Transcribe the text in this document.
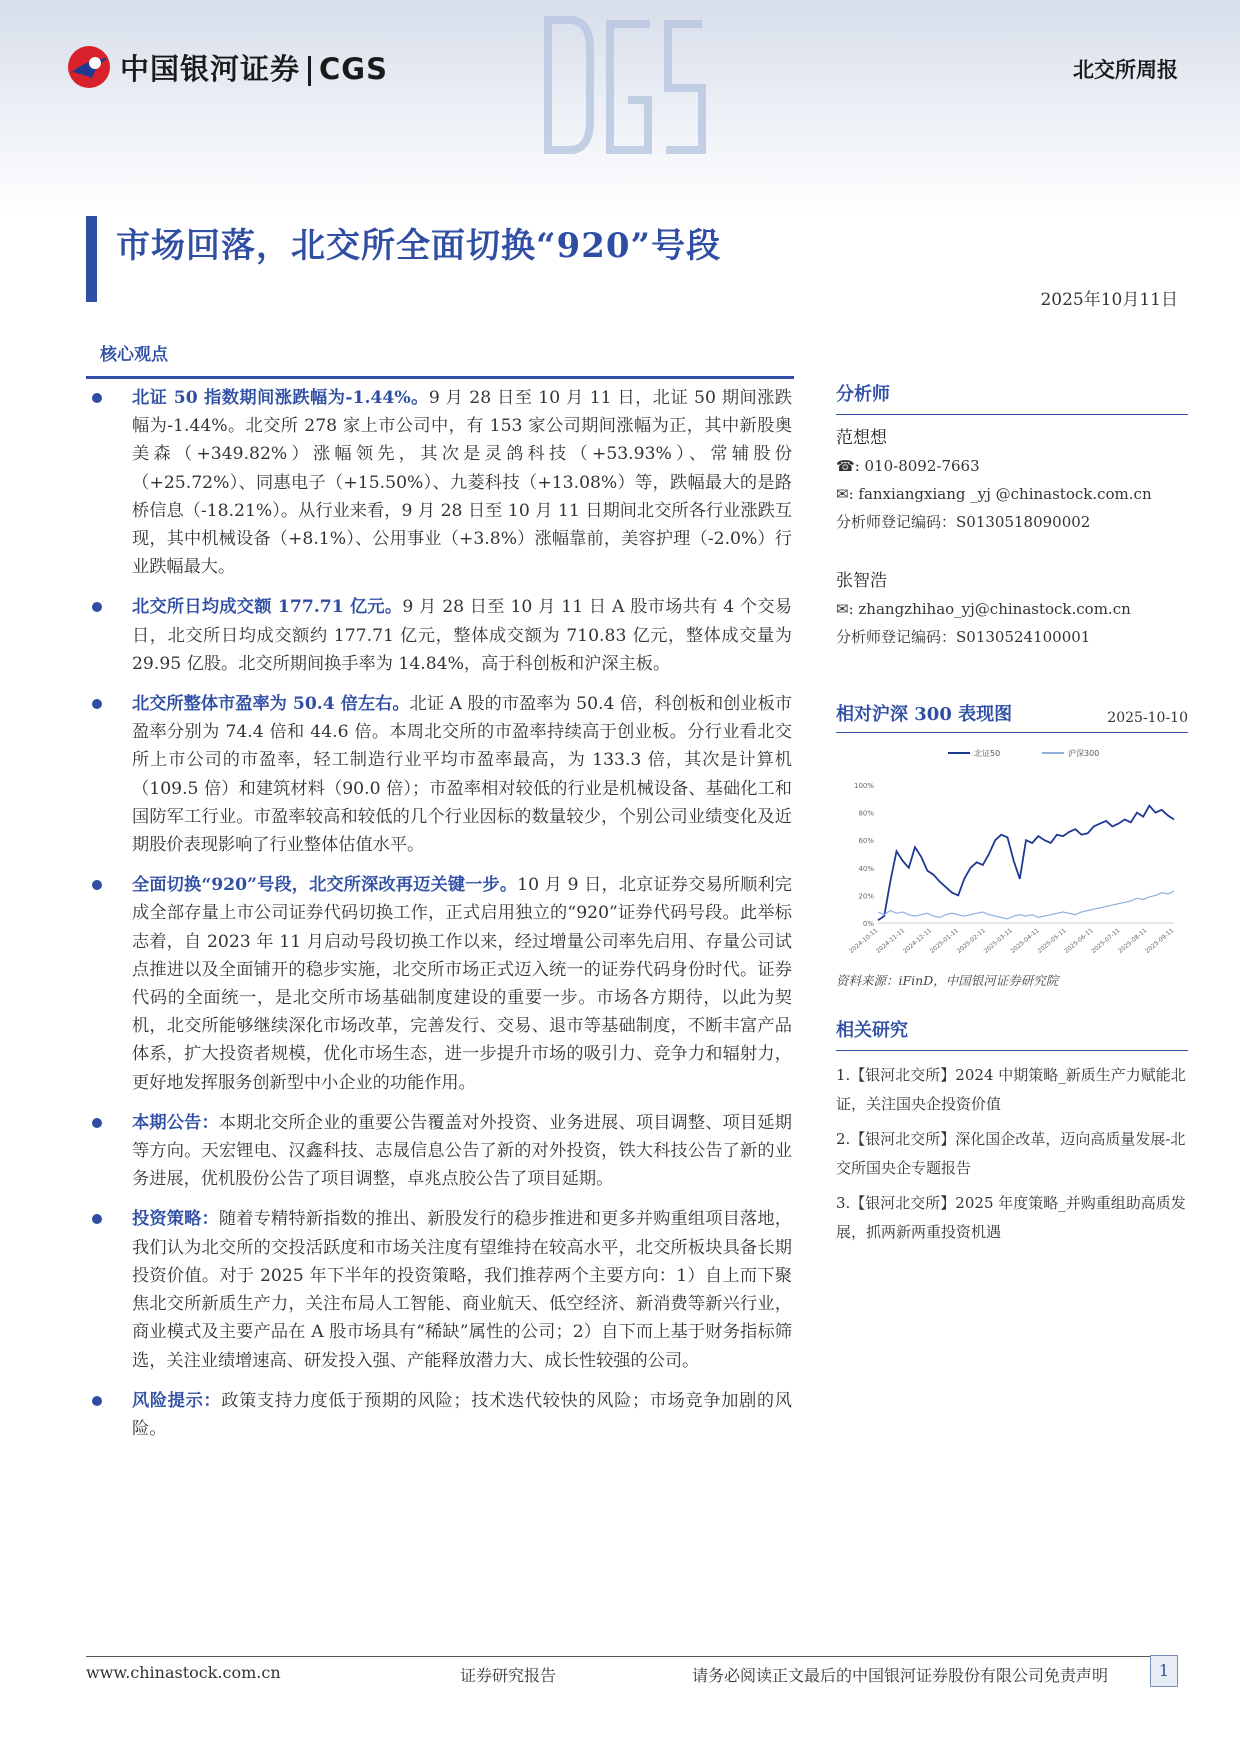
中国银河证券 CGS	北交所周报
市场回落，北交所全面切换“920”号段
2025年10月11日
核心观点
北证 50 指数期间涨跌幅为-1.44%。9 月 28 日至 10 月 11 日，北证 50 期间涨跌幅为-1.44%。北交所 278 家上市公司中，有 153 家公司期间涨幅为正，其中新股奥美森（+349.82%）涨幅领先，其次是灵鸽科技（+53.93%）、常辅股份（+25.72%）、同惠电子（+15.50%）、九菱科技（+13.08%）等，跌幅最大的是路桥信息（-18.21%）。从行业来看，9 月 28 日至 10 月 11 日期间北交所各行业涨跌互现，其中机械设备（+8.1%）、公用事业（+3.8%）涨幅靠前，美容护理（-2.0%）行业跌幅最大。
北交所日均成交额 177.71 亿元。9 月 28 日至 10 月 11 日 A 股市场共有 4 个交易日，北交所日均成交额约 177.71 亿元，整体成交额为 710.83 亿元，整体成交量为 29.95 亿股。北交所期间换手率为 14.84%，高于科创板和沪深主板。
北交所整体市盈率为 50.4 倍左右。北证 A 股的市盈率为 50.4 倍，科创板和创业板市盈率分别为 74.4 倍和 44.6 倍。本周北交所的市盈率持续高于创业板。分行业看北交所上市公司的市盈率，轻工制造行业平均市盈率最高，为 133.3 倍，其次是计算机（109.5 倍）和建筑材料（90.0 倍）；市盈率相对较低的行业是机械设备、基础化工和国防军工行业。市盈率较高和较低的几个行业因标的数量较少，个别公司业绩变化及近期股价表现影响了行业整体估值水平。
全面切换“920”号段，北交所深改再迈关键一步。10 月 9 日，北京证券交易所顺利完成全部存量上市公司证券代码切换工作，正式启用独立的“920”证券代码号段。此举标志着，自 2023 年 11 月启动号段切换工作以来，经过增量公司率先启用、存量公司试点推进以及全面铺开的稳步实施，北交所市场正式迈入统一的证券代码身份时代。证券代码的全面统一，是北交所市场基础制度建设的重要一步。市场各方期待，以此为契机，北交所能够继续深化市场改革，完善发行、交易、退市等基础制度，不断丰富产品体系，扩大投资者规模，优化市场生态，进一步提升市场的吸引力、竞争力和辐射力，更好地发挥服务创新型中小企业的功能作用。
本期公告：本期北交所企业的重要公告覆盖对外投资、业务进展、项目调整、项目延期等方向。天宏锂电、汉鑫科技、志晟信息公告了新的对外投资，铁大科技公告了新的业务进展，优机股份公告了项目调整，卓兆点胶公告了项目延期。
投资策略：随着专精特新指数的推出、新股发行的稳步推进和更多并购重组项目落地，我们认为北交所的交投活跃度和市场关注度有望维持在较高水平，北交所板块具备长期投资价值。对于 2025 年下半年的投资策略，我们推荐两个主要方向：1）自上而下聚焦北交所新质生产力，关注布局人工智能、商业航天、低空经济、新消费等新兴行业，商业模式及主要产品在 A 股市场具有“稀缺”属性的公司；2）自下而上基于财务指标筛选，关注业绩增速高、研发投入强、产能释放潜力大、成长性较强的公司。
风险提示：政策支持力度低于预期的风险；技术迭代较快的风险；市场竞争加剧的风险。
分析师
范想想
☎: 010-8092-7663
✉: fanxiangxiang _yj @chinastock.com.cn
分析师登记编码：S0130518090002
张智浩
✉: zhangzhihao_yj@chinastock.com.cn
分析师登记编码：S0130524100001
相对沪深 300 表现图	2025-10-10
北证50	沪深300
100%
80%
60%
40%
20%
0%
2024-10-11
2024-11-11
2024-12-11
2025-01-11
2025-02-11
2025-03-11
2025-04-11
2025-05-11
2025-06-11
2025-07-11
2025-08-11
2025-09-11
资料来源：iFinD，中国银河证券研究院
相关研究
1.【银河北交所】2024 中期策略_新质生产力赋能北证，关注国央企投资价值
2.【银河北交所】深化国企改革，迈向高质量发展-北交所国央企专题报告
3.【银河北交所】2025 年度策略_并购重组助高质发展，抓两新两重投资机遇
www.chinastock.com.cn	证券研究报告	请务必阅读正文最后的中国银河证券股份有限公司免责声明	1
